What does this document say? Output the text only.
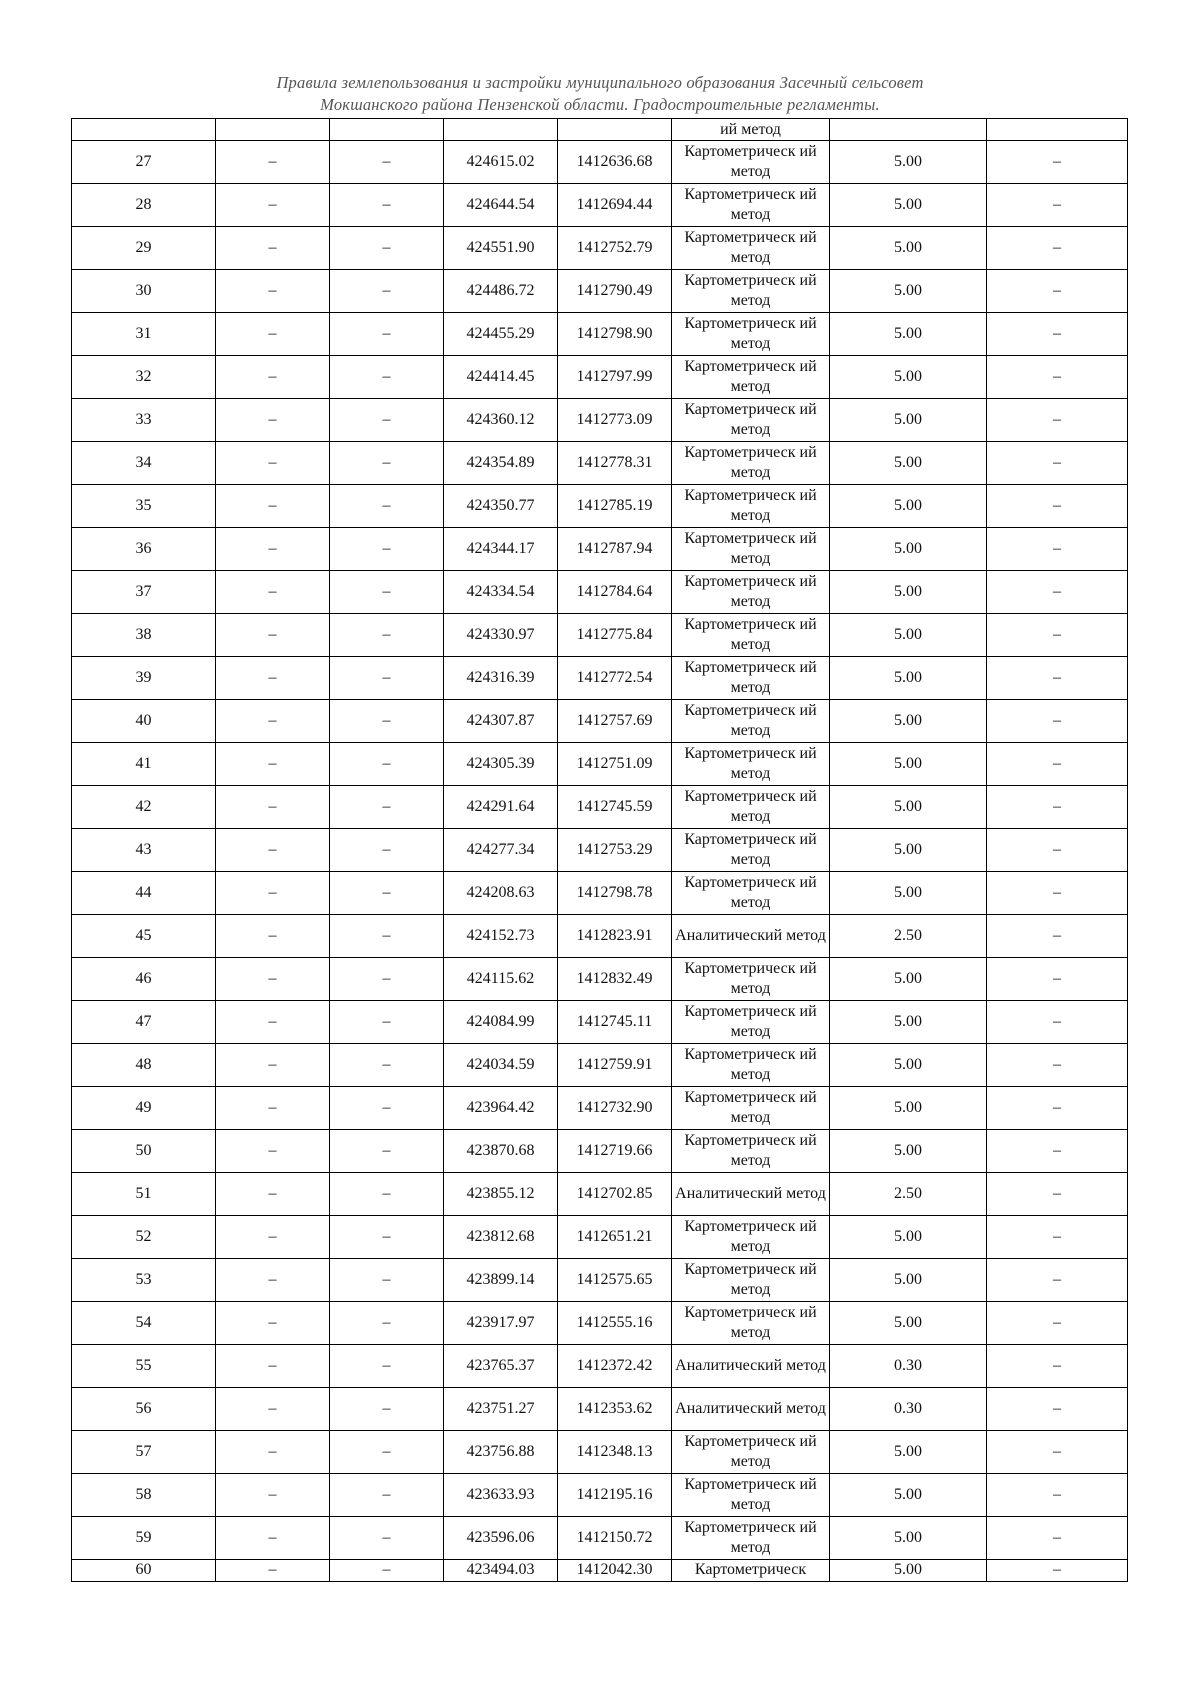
Правила землепользования и застройки муниципального образования Засечный сельсовет
Мокшанского района Пензенской области. Градостроительные регламенты.
					ий метод		
27	–	–	424615.02	1412636.68	Картометрическ ий метод	5.00	–
28	–	–	424644.54	1412694.44	Картометрическ ий метод	5.00	–
29	–	–	424551.90	1412752.79	Картометрическ ий метод	5.00	–
30	–	–	424486.72	1412790.49	Картометрическ ий метод	5.00	–
31	–	–	424455.29	1412798.90	Картометрическ ий метод	5.00	–
32	–	–	424414.45	1412797.99	Картометрическ ий метод	5.00	–
33	–	–	424360.12	1412773.09	Картометрическ ий метод	5.00	–
34	–	–	424354.89	1412778.31	Картометрическ ий метод	5.00	–
35	–	–	424350.77	1412785.19	Картометрическ ий метод	5.00	–
36	–	–	424344.17	1412787.94	Картометрическ ий метод	5.00	–
37	–	–	424334.54	1412784.64	Картометрическ ий метод	5.00	–
38	–	–	424330.97	1412775.84	Картометрическ ий метод	5.00	–
39	–	–	424316.39	1412772.54	Картометрическ ий метод	5.00	–
40	–	–	424307.87	1412757.69	Картометрическ ий метод	5.00	–
41	–	–	424305.39	1412751.09	Картометрическ ий метод	5.00	–
42	–	–	424291.64	1412745.59	Картометрическ ий метод	5.00	–
43	–	–	424277.34	1412753.29	Картометрическ ий метод	5.00	–
44	–	–	424208.63	1412798.78	Картометрическ ий метод	5.00	–
45	–	–	424152.73	1412823.91	Аналитический метод	2.50	–
46	–	–	424115.62	1412832.49	Картометрическ ий метод	5.00	–
47	–	–	424084.99	1412745.11	Картометрическ ий метод	5.00	–
48	–	–	424034.59	1412759.91	Картометрическ ий метод	5.00	–
49	–	–	423964.42	1412732.90	Картометрическ ий метод	5.00	–
50	–	–	423870.68	1412719.66	Картометрическ ий метод	5.00	–
51	–	–	423855.12	1412702.85	Аналитический метод	2.50	–
52	–	–	423812.68	1412651.21	Картометрическ ий метод	5.00	–
53	–	–	423899.14	1412575.65	Картометрическ ий метод	5.00	–
54	–	–	423917.97	1412555.16	Картометрическ ий метод	5.00	–
55	–	–	423765.37	1412372.42	Аналитический метод	0.30	–
56	–	–	423751.27	1412353.62	Аналитический метод	0.30	–
57	–	–	423756.88	1412348.13	Картометрическ ий метод	5.00	–
58	–	–	423633.93	1412195.16	Картометрическ ий метод	5.00	–
59	–	–	423596.06	1412150.72	Картометрическ ий метод	5.00	–
60	–	–	423494.03	1412042.30	Картометрическ	5.00	–
